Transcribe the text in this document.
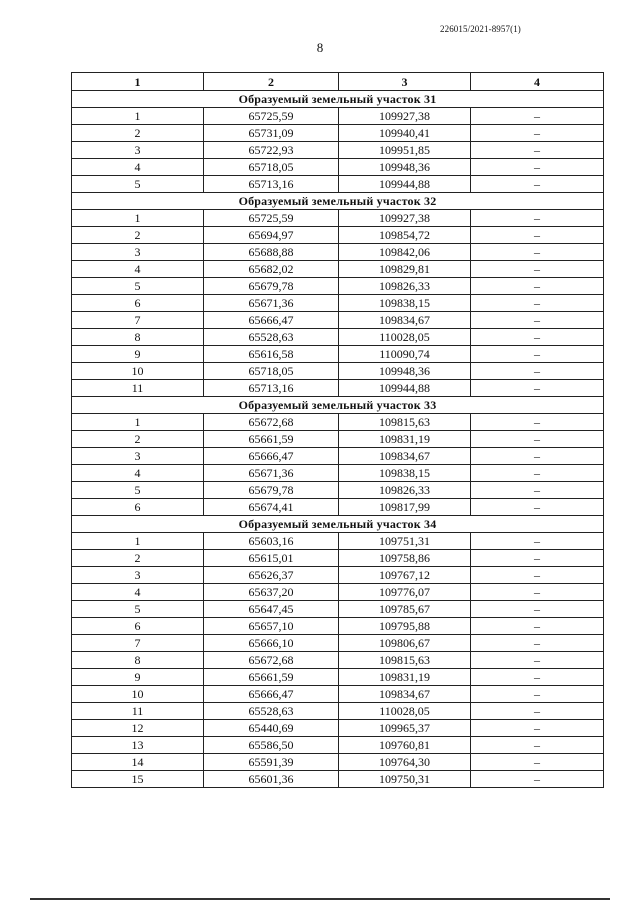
226015/2021-8957(1)
8
1	2	3	4
Образуемый земельный участок 31			
1	65725,59	109927,38	–
2	65731,09	109940,41	–
3	65722,93	109951,85	–
4	65718,05	109948,36	–
5	65713,16	109944,88	–
Образуемый земельный участок 32			
1	65725,59	109927,38	–
2	65694,97	109854,72	–
3	65688,88	109842,06	–
4	65682,02	109829,81	–
5	65679,78	109826,33	–
6	65671,36	109838,15	–
7	65666,47	109834,67	–
8	65528,63	110028,05	–
9	65616,58	110090,74	–
10	65718,05	109948,36	–
11	65713,16	109944,88	–
Образуемый земельный участок 33			
1	65672,68	109815,63	–
2	65661,59	109831,19	–
3	65666,47	109834,67	–
4	65671,36	109838,15	–
5	65679,78	109826,33	–
6	65674,41	109817,99	–
Образуемый земельный участок 34			
1	65603,16	109751,31	–
2	65615,01	109758,86	–
3	65626,37	109767,12	–
4	65637,20	109776,07	–
5	65647,45	109785,67	–
6	65657,10	109795,88	–
7	65666,10	109806,67	–
8	65672,68	109815,63	–
9	65661,59	109831,19	–
10	65666,47	109834,67	–
11	65528,63	110028,05	–
12	65440,69	109965,37	–
13	65586,50	109760,81	–
14	65591,39	109764,30	–
15	65601,36	109750,31	–
